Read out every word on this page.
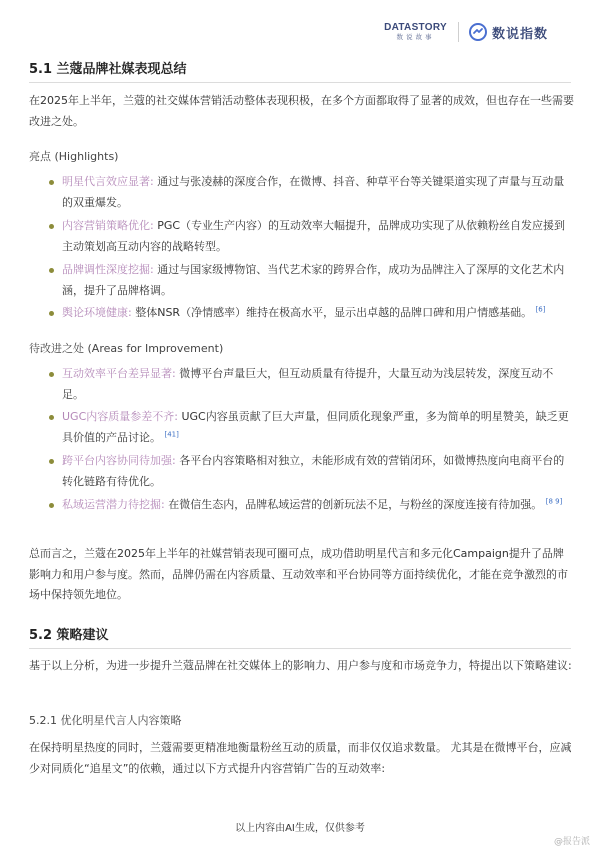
DATASTORY
数说故事	数说指数
5.1 兰蔻品牌社媒表现总结
在2025年上半年，兰蔻的社交媒体营销活动整体表现积极，在多个方面都取得了显著的成效，但也存在一些需要改进之处。
亮点 (Highlights)
明星代言效应显著: 通过与张凌赫的深度合作，在微博、抖音、种草平台等关键渠道实现了声量与互动量的双重爆发。
内容营销策略优化: PGC（专业生产内容）的互动效率大幅提升，品牌成功实现了从依赖粉丝自发应援到主动策划高互动内容的战略转型。
品牌调性深度挖掘: 通过与国家级博物馆、当代艺术家的跨界合作，成功为品牌注入了深厚的文化艺术内涵，提升了品牌格调。
舆论环境健康: 整体NSR（净情感率）维持在极高水平，显示出卓越的品牌口碑和用户情感基础。 [6]
待改进之处 (Areas for Improvement)
互动效率平台差异显著: 微博平台声量巨大，但互动质量有待提升，大量互动为浅层转发，深度互动不足。
UGC内容质量参差不齐: UGC内容虽贡献了巨大声量，但同质化现象严重，多为简单的明星赞美，缺乏更具价值的产品讨论。 [41]
跨平台内容协同待加强: 各平台内容策略相对独立，未能形成有效的营销闭环，如微博热度向电商平台的转化链路有待优化。
私域运营潜力待挖掘: 在微信生态内，品牌私域运营的创新玩法不足，与粉丝的深度连接有待加强。 [8 9]
总而言之，兰蔻在2025年上半年的社媒营销表现可圈可点，成功借助明星代言和多元化Campaign提升了品牌影响力和用户参与度。然而，品牌仍需在内容质量、互动效率和平台协同等方面持续优化，才能在竞争激烈的市场中保持领先地位。
5.2 策略建议
基于以上分析，为进一步提升兰蔻品牌在社交媒体上的影响力、用户参与度和市场竞争力，特提出以下策略建议:
5.2.1 优化明星代言人内容策略
在保持明星热度的同时，兰蔻需要更精准地衡量粉丝互动的质量，而非仅仅追求数量。 尤其是在微博平台，应减少对同质化“追星文”的依赖，通过以下方式提升内容营销广告的互动效率:
以上内容由AI生成，仅供参考
@报告派
